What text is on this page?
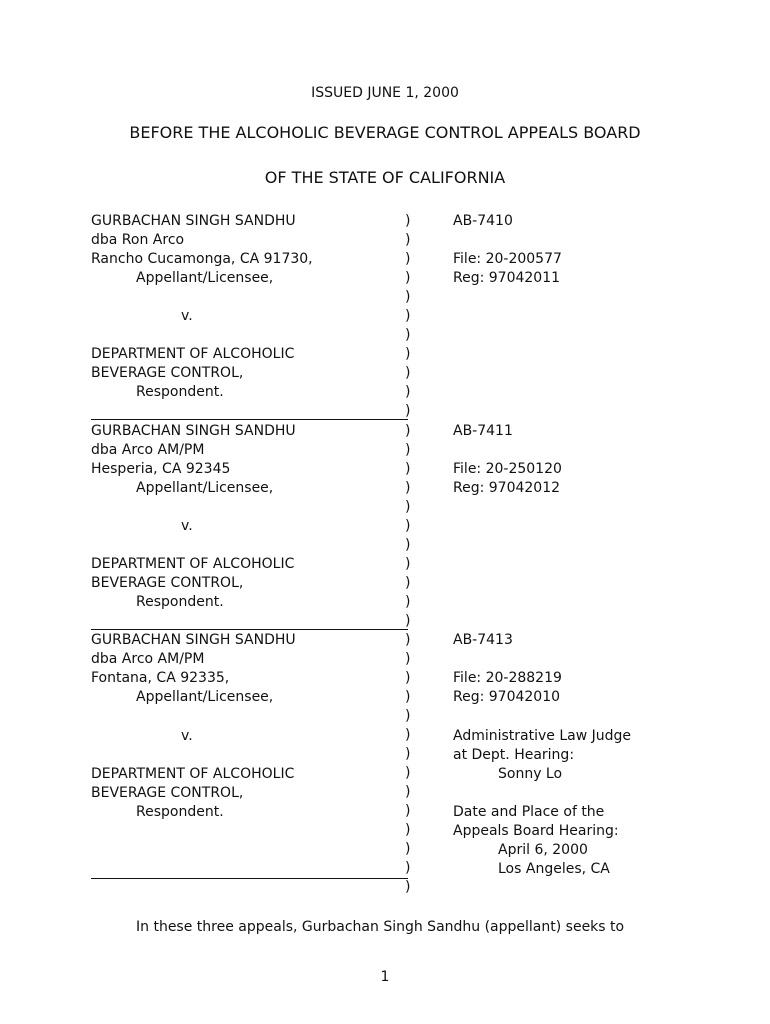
ISSUED JUNE 1, 2000
BEFORE THE ALCOHOLIC BEVERAGE CONTROL APPEALS BOARD
OF THE STATE OF CALIFORNIA
GURBACHAN SINGH SANDHU
dba Ron Arco
Rancho Cucamonga, CA 91730,
Appellant/Licensee,
v.
DEPARTMENT OF ALCOHOLIC
BEVERAGE CONTROL,
Respondent.
AB-7410
File: 20-200577
Reg: 97042011
GURBACHAN SINGH SANDHU
dba Arco AM/PM
Hesperia, CA 92345
Appellant/Licensee,
v.
DEPARTMENT OF ALCOHOLIC
BEVERAGE CONTROL,
Respondent.
AB-7411
File: 20-250120
Reg: 97042012
GURBACHAN SINGH SANDHU
dba Arco AM/PM
Fontana, CA 92335,
Appellant/Licensee,
v.
DEPARTMENT OF ALCOHOLIC
BEVERAGE CONTROL,
Respondent.
AB-7413
File: 20-288219
Reg: 97042010
Administrative Law Judge
at Dept. Hearing:
Sonny Lo
Date and Place of the
Appeals Board Hearing:
April 6, 2000
Los Angeles, CA
)
)
)
)
)
)
)
)
)
)
)
)
)
)
)
)
)
)
)
)
)
)
)
)
)
)
)
)
)
)
)
)
)
)
)
)
In these three appeals, Gurbachan Singh Sandhu (appellant) seeks to
1
